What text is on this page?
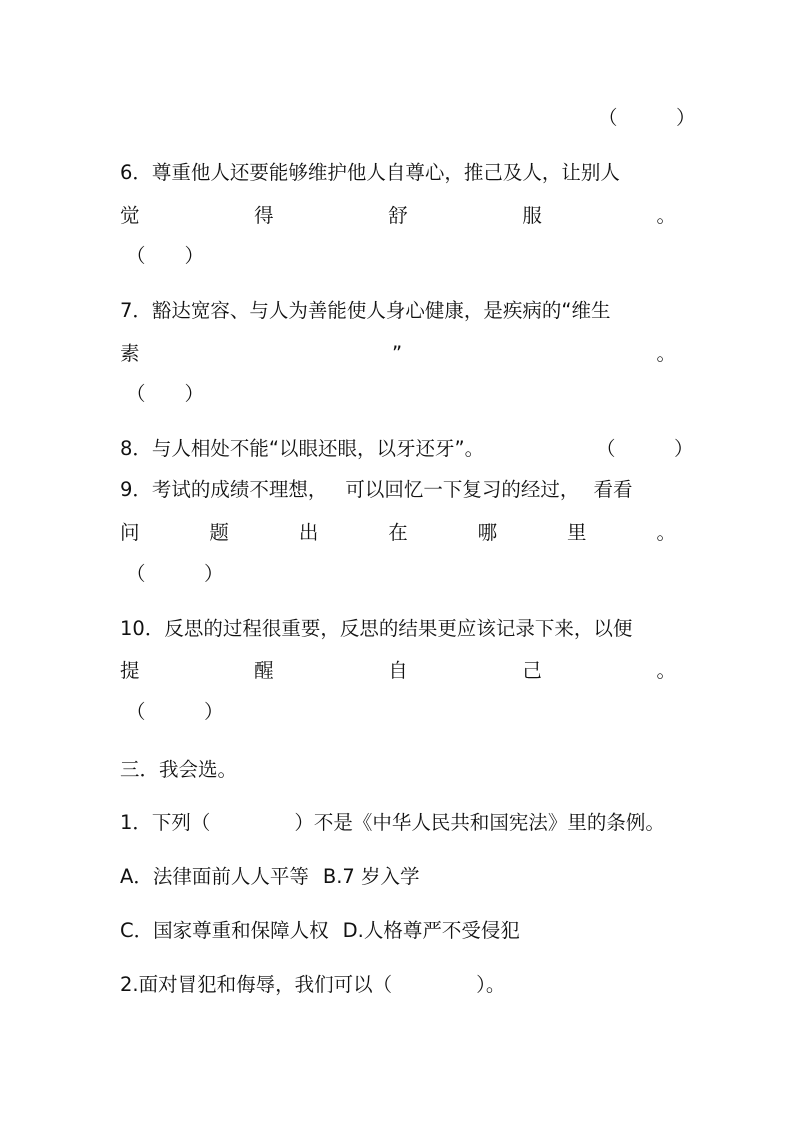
（　　　）
6．尊重他人还要能够维护他人自尊心，推己及人，让别人
觉	得	舒	服	。
（　　）
7．豁达宽容、与人为善能使人身心健康，是疾病的“维生
素	”	。
（　　）
8．与人相处不能“以眼还眼，以牙还牙”。	（　　　）
9．考试的成绩不理想， 可以回忆一下复习的经过， 看看
问	题	出	在	哪	里	。
（　　　）
10．反思的过程很重要，反思的结果更应该记录下来，以便
提	醒	自	己	。
（　　　）
三．我会选。
1．下列（	）不是《中华人民共和国宪法》里的条例。
A．法律面前人人平等 B.7 岁入学
C．国家尊重和保障人权 D.人格尊严不受侵犯
2.面对冒犯和侮辱，我们可以（	）。
